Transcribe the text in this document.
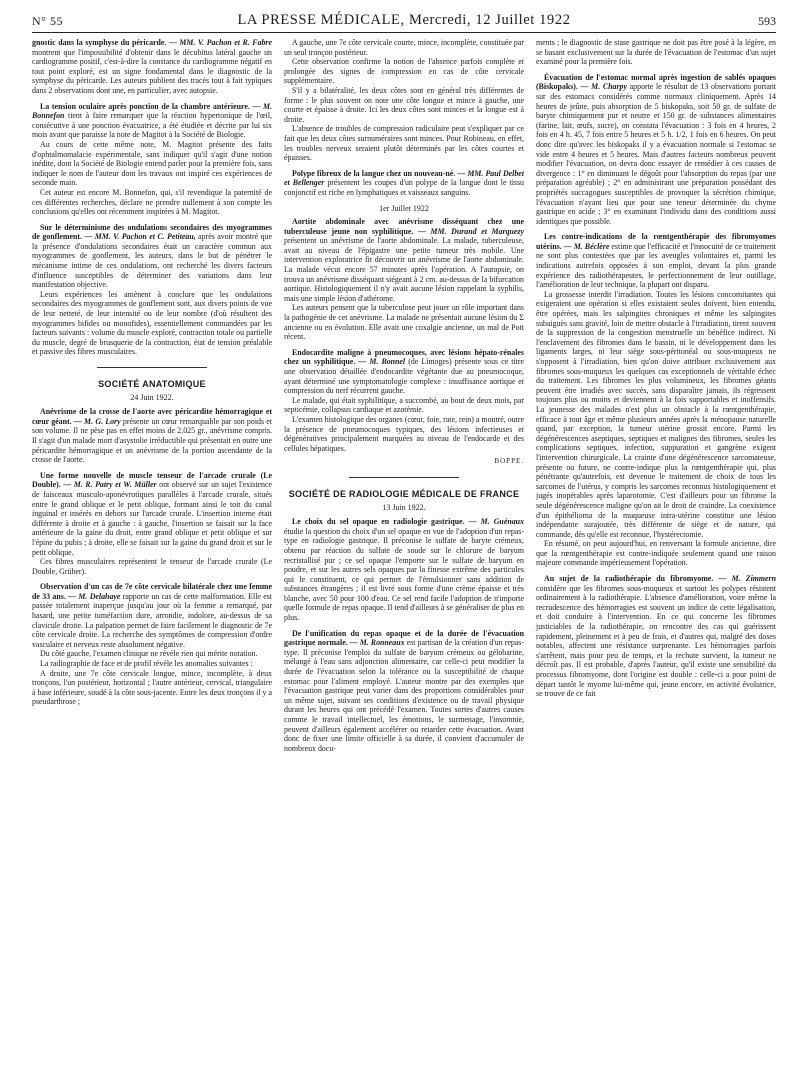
N° 55	LA PRESSE MÉDICALE, Mercredi, 12 Juillet 1922	593

gnostic dans la symphyse du péricarde. — MM. V. Pachon et R. Fabre montrent que l'impossibilité d'obtenir dans le décubitus latéral gauche un cardiogramme positif, c'est-à-dire la constance du cardiogramme négatif en tout point exploré, est un signe fondamental dans le diagnostic de la symphyse du péricarde. Les auteurs publient des tracés tout à fait typiques dans 2 observations dont une, en particulier, avec autopsie.

La tension oculaire après ponction de la chambre antérieure. — M. Bonnefon tient à faire remarquer que la réaction hypertonique de l'œil, consécutive à une ponction évacuatrice, a été étudiée et décrite par lui six mois avant que paraisse la note de Magitot à la Société de Biologie.

Au cours de cette même note, M. Magitot présente des faits d'ophtalmomalacie expérimentale, sans indiquer qu'il s'agit d'une notion inédite, dont la Société de Biologie entend parler pour la première fois, sans indiquer le nom de l'auteur dont les travaux ont inspiré ces expériences de seconde main.

Cet auteur est encore M. Bonnefon, qui, s'il revendique la paternité de ces différentes recherches, déclare ne prendre nullement à son compte les conclusions qu'elles ont récemment inspirées à M. Magitot.

Sur le déterminisme des ondulations secondaires des myogrammes de gonflement. — MM. V. Pachon et C. Petiteau, après avoir montré que la présence d'ondulations secondaires était un caractère commun aux myogrammes de gonflement, les auteurs, dans le but de pénétrer le mécanisme intime de ces ondulations, ont recherché les divers facteurs d'influence susceptibles de déterminer des variations dans leur manifestation objective.

Leurs expériences les amènent à conclure que les ondulations secondaires des myogrammes de gonflement sont, aux divers points de vue de leur netteté, de leur intensité ou de leur nombre (d'où résultent des myogrammes bifides ou monofides), essentiellement commandées par les facteurs suivants : volume du muscle exploré, contraction totale ou partielle du muscle, degré de brusquerie de la contraction, état de tension préalable et passive des fibres musculaires.

SOCIÉTÉ ANATOMIQUE
24 Juin 1922.

Anévrisme de la crosse de l'aorte avec péricardite hémorragique et cœur géant. — M. G. Lory présente un cœur remarquable par son poids et son volume. Il ne pèse pas en effet moins de 2.025 gr., anévrisme compris. Il s'agit d'un malade mort d'asystolie irréductible qui présentait en outre une péricardite hémorragique et un anévrisme de la portion ascendante de la crosse de l'aorte.

Une forme nouvelle de muscle tenseur de l'arcade crurale (Le Double). — M. R. Patry et W. Müller ont observé sur un sujet l'existence de faisceaux musculo-aponévrotiques parallèles à l'arcade crurale, situés entre le grand oblique et le petit oblique, formant ainsi le toit du canal inguinal et insérés en dehors sur l'arcade crurale. L'insertion interne était différente à droite et à gauche : à gauche, l'insertion se faisait sur la face antérieure de la gaine du droit, entre grand oblique et petit oblique et sur l'épine du pubis ; à droite, elle se faisait sur la gaine du grand droit et sur le petit oblique.

Ces fibres musculaires représentent le tenseur de l'arcade crurale (Le Double, Grüber).

Observation d'un cas de 7e côte cervicale bilatérale chez une femme de 33 ans. — M. Delahaye rapporte un cas de cette malformation. Elle est passée totalement inaperçue jusqu'au jour où la femme a remarqué, par hasard, une petite tuméfaction dure, arrondie, indolore, au-dessus de sa clavicule droite. La palpation permet de faire facilement le diagnostic de 7e côte cervicale droite. La recherche des symptômes de compression d'ordre vasculaire et nerveux reste absolument négative.

Du côté gauche, l'examen clinique ne révèle rien qui mérite notation.

La radiographie de face et de profil révèle les anomalies suivantes :

A droite, une 7e côte cervicale longue, mince, incomplète, à deux tronçons, l'un postérieur, horizontal ; l'autre antérieur, cervical, triangulaire à base inférieure, soudé à la côte sous-jacente. Entre les deux tronçons il y a pseudarthrose ;

A gauche, une 7e côte cervicale courte, mince, incomplète, constituée par un seul tronçon postérieur.

Cette observation confirme la notion de l'absence parfois complète et prolongée des signes de compression en cas de côte cervicale supplémentaire.

S'il y a bilatéralité, les deux côtes sont en général très différentes de forme : le plus souvent on note une côte longue et mince à gauche, une courte et épaisse à droite. Ici les deux côtes sont minces et la longue est à droite.

L'absence de troubles de compression radiculaire peut s'expliquer par ce fait que les deux côtes surnuméraires sont minces. Pour Robineau, en effet, les troubles nerveux seraient plutôt déterminés par les côtes courtes et épaisses.

Polype fibreux de la langue chez un nouveau-né. — MM. Paul Delbet et Bellenger présentent les coupes d'un polype de la langue dont le tissu conjonctif est riche en lymphatiques et vaisseaux sanguins.

1er Juillet 1922

Aortite abdominale avec anévrisme disséquant chez une tuberculeuse jeune non syphilitique. — MM. Durand et Marquezy présentent un anévrisme de l'aorte abdominale. La malade, tuberculeuse, avait au niveau de l'épigastre une petite tumeur très mobile. Une intervention exploratrice fit découvrir un anévrisme de l'aorte abdominale. La malade vécut encore 57 minutes après l'opération. A l'autopsie, on trouva un anévrisme disséquant siégeant à 2 cm. au-dessus de la bifurcation aortique. Histologiquement il n'y avait aucune lésion rappelant la syphilis, mais une simple lésion d'athérome.

Les auteurs pensent que la tuberculose peut jouer un rôle important dans la pathogénie de cet anévrisme. La malade ne présentait aucune lésion du Σ ancienne ou en évolution. Elle avait une coxalgie ancienne, un mal de Pott récent.

Endocardite maligne à pneumocoques, avec lésions hépato-rénales chez un syphilitique. — M. Bonnel (de Limoges) présente sous ce titre une observation détaillée d'endocardite végétante due au pneumocoque, ayant déterminé une symptomatologie complexe : insuffisance aortique et compression du nerf récurrent gauche.

Le malade, qui était syphilitique, a succombé, au bout de deux mois, par septicémie, collapsus cardiaque et azotémie.

L'examen histologique des organes (cœur, foie, rate, rein) a montré, outre la présence de pneumocoques typiques, des lésions infectieuses et dégénératives principalement marquées au niveau de l'endocarde et des cellules hépatiques.

BOPPE.
SOCIÉTÉ DE RADIOLOGIE MÉDICALE DE FRANCE
13 Juin 1922.

Le choix du sel opaque en radiologie gastrique. — M. Guénaux étudie la question du choix d'un sel opaque en vue de l'adoption d'un repas-type en radiologie gastrique. Il préconise le sulfate de baryte crémeux, obtenu par réaction du sulfate de soude sur le chlorure de baryum recristallisé pur ; ce sel opaque l'emporte sur le sulfate de baryum en poudre, et sur les autres sels opaques par la finesse extrême des particules qui le constituent, ce qui permet de l'émulsionner sans addition de substances étrangères ; il est livré sous forme d'une crème épaisse et très blanche, avec 50 pour 100 d'eau. Ce sel rend facile l'adoption de n'importe quelle formule de repas opaque. Il tend d'ailleurs à se généraliser de plus en plus.

De l'unification du repas opaque et de la durée de l'évacuation gastrique normale. — M. Ronneaux est partisan de la création d'un repas-type. Il préconise l'emploi du sulfate de baryum crémeux ou gélobarine, mélangé à l'eau sans adjonction alimentaire, car celle-ci peut modifier la durée de l'évacuation selon la tolérance ou la susceptibilité de chaque estomac pour l'aliment employé. L'auteur montre par des exemples que l'évacuation gastrique peut varier dans des proportions considérables pour un même sujet, suivant ses conditions d'existence ou de travail physique durant les heures qui ont précédé l'examen. Toutes sortes d'autres causes comme le travail intellectuel, les émotions, le surmenage, l'insomnie, peuvent d'ailleurs également accélérer ou retarder cette évacuation. Avant donc de fixer une limite officielle à sa durée, il convient d'accumuler de nombreux docu-

ments ; le diagnostic de stase gastrique ne doit pas être posé à la légère, en se basant exclusivement sur la durée de l'évacuation de l'estomac d'un sujet examiné pour la première fois.

Évacuation de l'estomac normal après ingestion de sablés opaques (Biskopaks). — M. Charpy apporte le résultat de 13 observations portant sur des estomacs considérés comme normaux cliniquement. Après 14 heures de jeûne, puis absorption de 5 biskopaks, soit 50 gr. de sulfate de baryte chimiquement pur et neutre et 150 gr. de substances alimentaires (farine, lait, œufs, sucre), on constata l'évacuation : 3 fois en 4 heures, 2 fois en 4 h. 45, 7 fois entre 5 heures et 5 h. 1/2, 1 fois en 6 heures. On peut donc dire qu'avec les biskopaks il y a évacuation normale si l'estomac se vide entre 4 heures et 5 heures. Mais d'autres facteurs nombreux peuvent modifier l'évacuation, on devra donc essayer de remédier à ces causes de divergence : 1° en diminuant le dégoût pour l'absorption du repas (par une préparation agréable) ; 2° en administrant une préparation possédant des propriétés succagogues susceptibles de provoquer la sécrétion chimique, l'évacuation n'ayant lieu que pour une teneur déterminée du chyme gastrique en acide ; 3° en examinant l'individu dans des conditions aussi identiques que possible.

Les contre-indications de la rœntgenthérapie des fibromyomes utérins. — M. Béclère estime que l'efficacité et l'innocuité de ce traitement ne sont plus contestées que par les aveugles volontaires et, parmi les indications autrefois opposées à son emploi, devant la plus grande expérience des radiothérapeutes, le perfectionnement de leur outillage, l'amélioration de leur technique, la plupart ont disparu.

La grossesse interdit l'irradiation. Toutes les lésions concomitantes qui exigeraient une opération si elles existaient seules doivent, bien entendu, être opérées, mais les salpingites chroniques et même les salpingites subaiguës sans gravité, loin de mettre obstacle à l'irradiation, tirent souvent de la suppression de la congestion menstruelle un bénéfice indirect. Ni l'enclavement des fibromes dans le bassin, ni le développement dans les ligaments larges, ni leur siège sous-péritonéal ou sous-muqueux ne s'opposent à l'irradiation, bien qu'on doive attribuer exclusivement aux fibromes sous-muqueux les quelques cas exceptionnels de véritable échec du traitement. Les fibromes les plus volumineux, les fibromes géants peuvent être irradiés avec succès, sans disparaître jamais, ils régressent toujours plus ou moins et deviennent à la fois supportables et inoffensifs. La jeunesse des malades n'est plus un obstacle à la rœntgenthérapie, efficace à tout âge et même plusieurs années après la ménopause naturelle quand, par exception, la tumeur utérine grossit encore. Parmi les dégénérescences aseptiques, septiques et malignes des fibromes, seules les complications septiques, infection, suppuration et gangrène exigent l'intervention chirurgicale. La crainte d'une dégénérescence sarcomateuse, présente ou future, ne contre-indique plus la rœntgenthérapie qui, plus pénétrante qu'autrefois, est devenue le traitement de choix de tous les sarcomes de l'utérus, y compris les sarcomes reconnus histologiquement et jugés inopérables après laparotomie. C'est d'ailleurs pour un fibrome la seule dégénérescence maligne qu'on ait le droit de craindre. La coexistence d'un épithélioma de la muqueuse intra-utérine constitue une lésion indépendante surajoutée, très différente de siège et de nature, qui commande, dès qu'elle est reconnue, l'hystérectomie.

En résumé, on peut aujourd'hui, en renversant la formule ancienne, dire que la rœntgenthérapie est contre-indiquée seulement quand une raison majeure commande impérieusement l'opération.

Au sujet de la radiothérapie du fibromyome. — M. Zimmern considère que les fibromes sous-muqueux et surtout les polypes résistent ordinairement à la radiothérapie. L'absence d'amélioration, voire même la recrudescence des hémorragies est souvent un indice de cette légalisation, et doit conduire à l'intervention. En ce qui concerne les fibromes justiciables de la radiothérapie, on rencontre des cas qui guérissent rapidement, pleinement et à peu de frais, et d'autres qui, malgré des doses notables, affectent une résistance surprenante. Les hémorragies parfois s'arrêtent, mais pour peu de temps, et la rechute survient, la tumeur ne décroît pas. Il est probable, d'après l'auteur, qu'il existe une sensibilité du processus fibromyome, dont l'origine est double : celle-ci a pour point de départ tantôt le myome lui-même qui, jeune encore, en activité évolutrice, se trouve de ce fait
